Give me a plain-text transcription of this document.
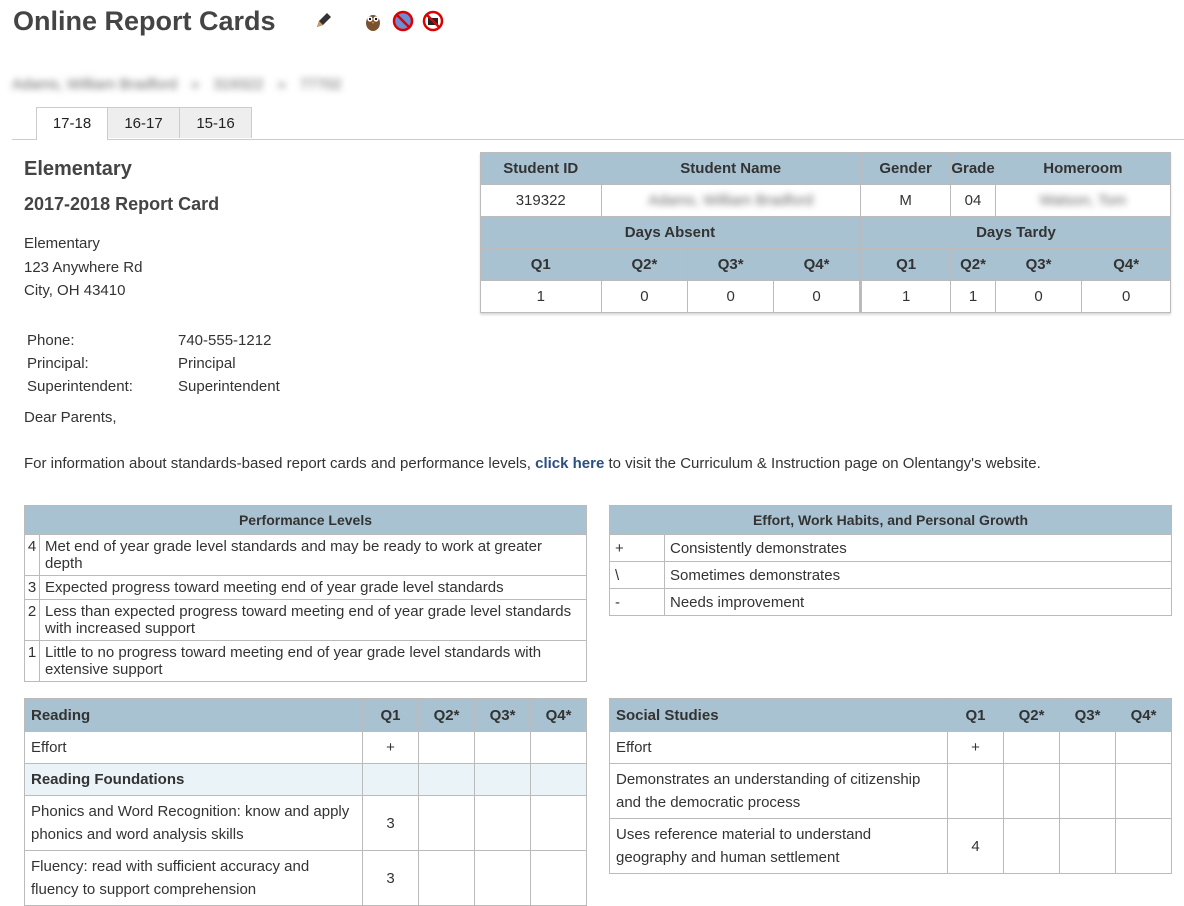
Online Report Cards
Adams, William Bradford » 319322 » 77702
17-18	16-17	15-16
Elementary
2017-2018 Report Card
Elementary
123 Anywhere Rd
City, OH 43410
Phone:	740-555-1212
Principal:	Principal
Superintendent:	Superintendent
Dear Parents,
For information about standards-based report cards and performance levels, click here to visit the Curriculum & Instruction page on Olentangy's website.
Student ID	Student Name			Gender	Grade	Homeroom	
319322	Adams, William Bradford			M	04	Watson, Tom	
Days Absent				Days Tardy			
Q1	Q2*	Q3*	Q4*	Q1	Q2*	Q3*	Q4*
1	0	0	0	1	1	0	0
Performance Levels	
4	Met end of year grade level standards and may be ready to work at greater depth
3	Expected progress toward meeting end of year grade level standards
2	Less than expected progress toward meeting end of year grade level standards with increased support
1	Little to no progress toward meeting end of year grade level standards with extensive support
Effort, Work Habits, and Personal Growth	
+	Consistently demonstrates
\	Sometimes demonstrates
-	Needs improvement
Reading	Q1	Q2*	Q3*	Q4*
Effort	+			
Reading Foundations				
Phonics and Word Recognition: know and apply phonics and word analysis skills	3			
Fluency: read with sufficient accuracy and fluency to support comprehension	3			
Social Studies	Q1	Q2*	Q3*	Q4*
Effort	+			
Demonstrates an understanding of citizenship and the democratic process				
Uses reference material to understand geography and human settlement	4			
